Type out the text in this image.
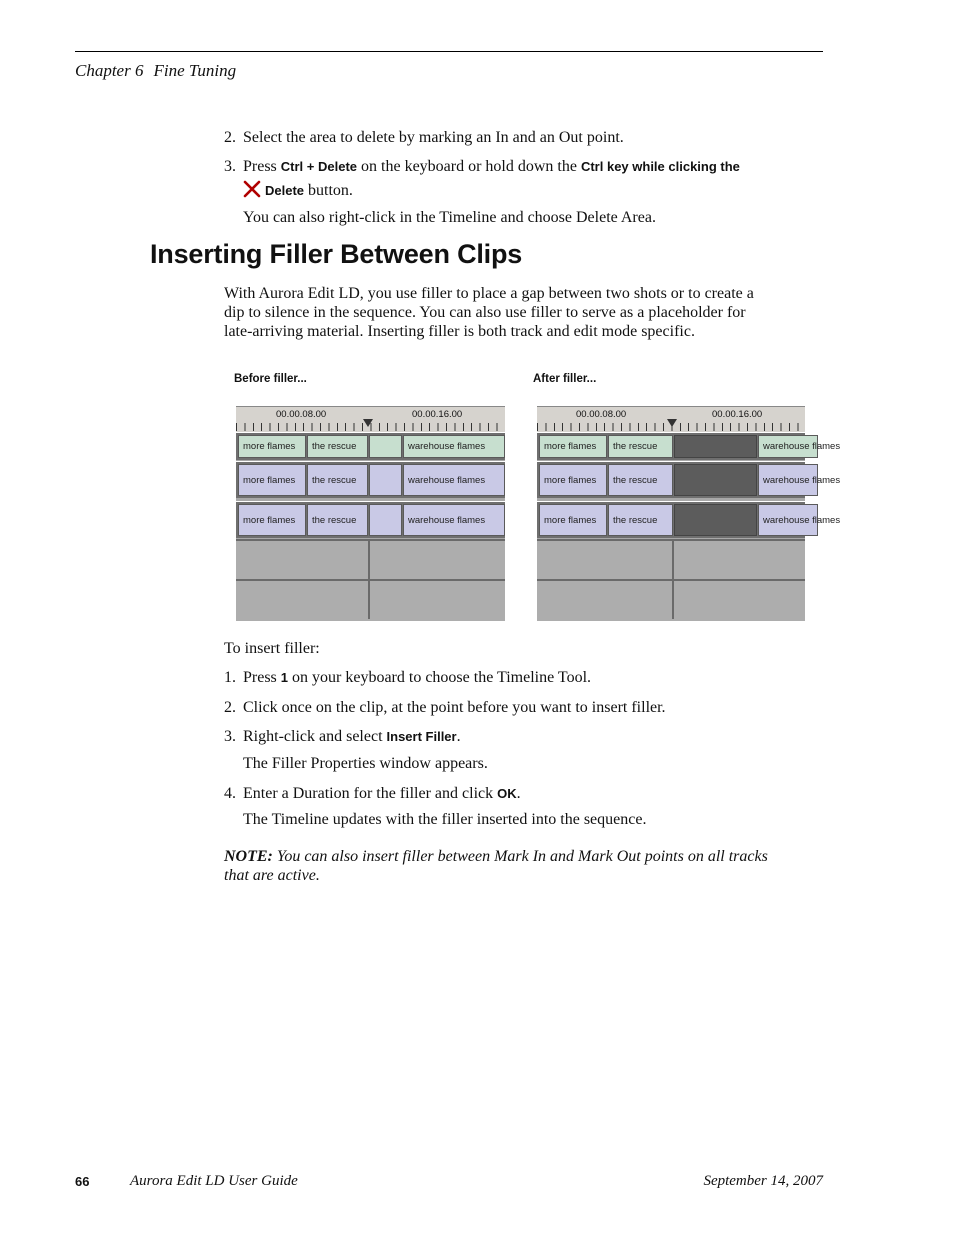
Chapter 6 Fine Tuning
2. Select the area to delete by marking an In and an Out point.
3. Press Ctrl + Delete on the keyboard or hold down the Ctrl key while clicking the
Delete button.
You can also right-click in the Timeline and choose Delete Area.
Inserting Filler Between Clips
With Aurora Edit LD, you use filler to place a gap between two shots or to create a
dip to silence in the sequence. You can also use filler to serve as a placeholder for
late-arriving material. Inserting filler is both track and edit mode specific.
Before filler...	After filler...
00.00.08.00	00.00.16.00
more flames	the rescue	warehouse flames
more flames	the rescue	warehouse flames
more flames	the rescue	warehouse flames
00.00.08.00	00.00.16.00
more flames	the rescue	warehouse flames
more flames	the rescue	warehouse flames
more flames	the rescue	warehouse flames
To insert filler:
1. Press 1 on your keyboard to choose the Timeline Tool.
2. Click once on the clip, at the point before you want to insert filler.
3. Right-click and select Insert Filler.
The Filler Properties window appears.
4. Enter a Duration for the filler and click OK.
The Timeline updates with the filler inserted into the sequence.
NOTE: You can also insert filler between Mark In and Mark Out points on all tracks
that are active.
66	Aurora Edit LD User Guide	September 14, 2007
